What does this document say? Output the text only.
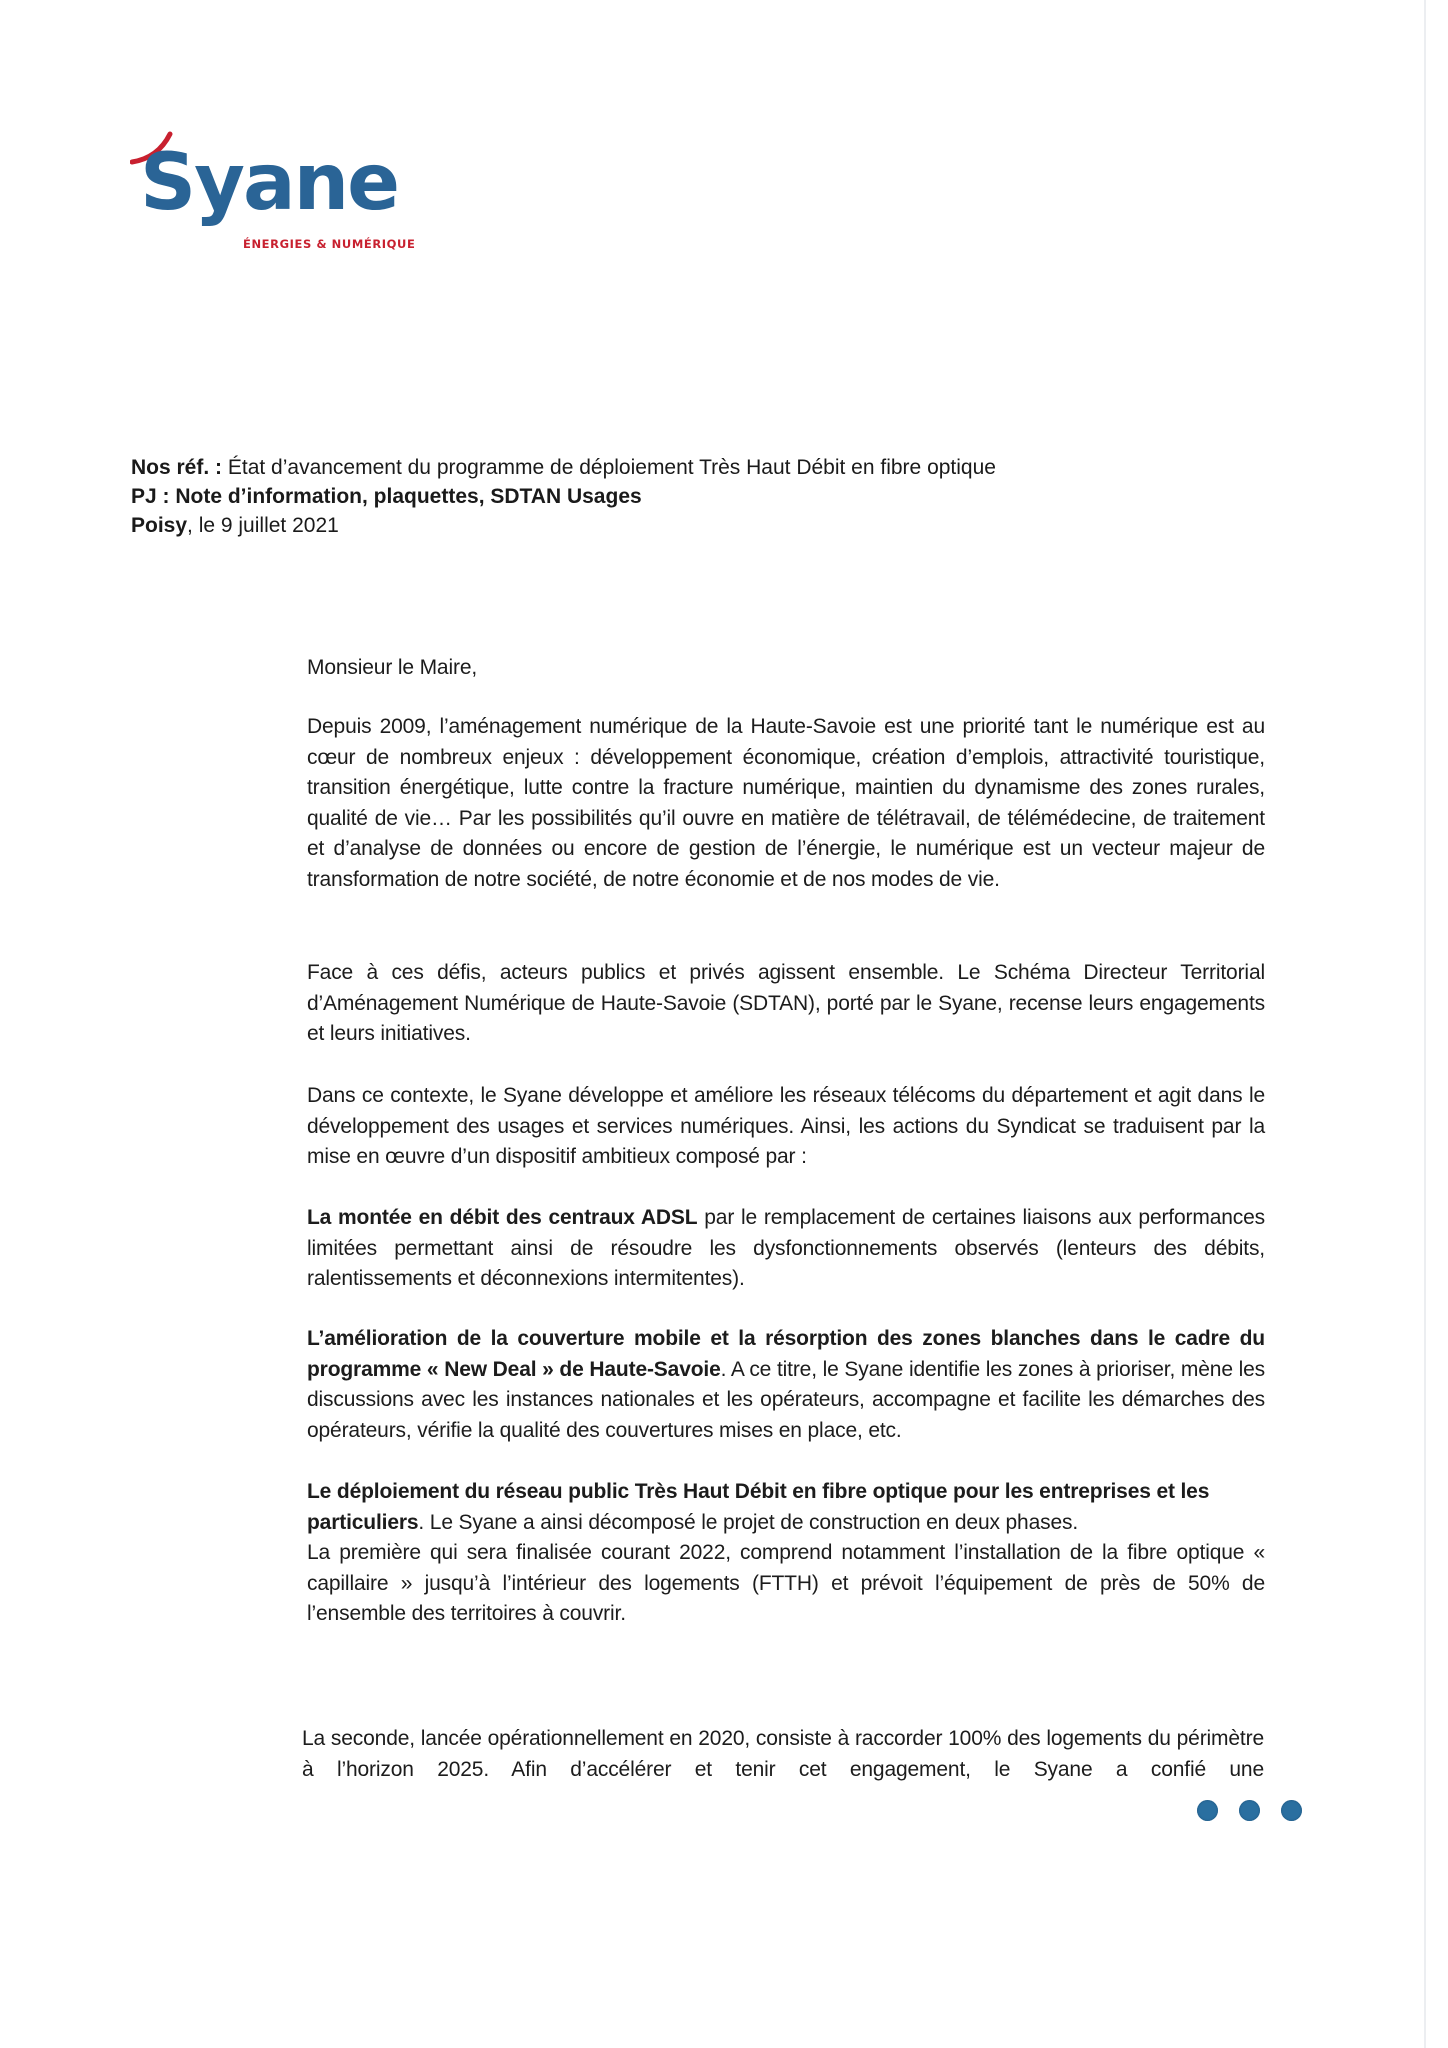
Syane
ÉNERGIES & NUMÉRIQUE
Nos réf. : État d’avancement du programme de déploiement Très Haut Débit en fibre optique
PJ : Note d’information, plaquettes, SDTAN Usages
Poisy, le 9 juillet 2021

Monsieur le Maire,

Depuis 2009, l’aménagement numérique de la Haute-Savoie est une priorité tant le numérique est au cœur de nombreux enjeux : développement économique, création d’emplois, attractivité touristique, transition énergétique, lutte contre la fracture numérique, maintien du dynamisme des zones rurales, qualité de vie… Par les possibilités qu’il ouvre en matière de télétravail, de télémédecine, de traitement et d’analyse de données ou encore de gestion de l’énergie, le numérique est un vecteur majeur de transformation de notre société, de notre économie et de nos modes de vie.

Face à ces défis, acteurs publics et privés agissent ensemble. Le Schéma Directeur Territorial d’Aménagement Numérique de Haute-Savoie (SDTAN), porté par le Syane, recense leurs engagements et leurs initiatives.

Dans ce contexte, le Syane développe et améliore les réseaux télécoms du département et agit dans le développement des usages et services numériques. Ainsi, les actions du Syndicat se traduisent par la mise en œuvre d’un dispositif ambitieux composé par :

La montée en débit des centraux ADSL par le remplacement de certaines liaisons aux performances limitées permettant ainsi de résoudre les dysfonctionnements observés (lenteurs des débits, ralentissements et déconnexions intermitentes).

L’amélioration de la couverture mobile et la résorption des zones blanches dans le cadre du programme « New Deal » de Haute-Savoie. A ce titre, le Syane identifie les zones à prioriser, mène les discussions avec les instances nationales et les opérateurs, accompagne et facilite les démarches des opérateurs, vérifie la qualité des couvertures mises en place, etc.

Le déploiement du réseau public Très Haut Débit en fibre optique pour les entreprises et les particuliers. Le Syane a ainsi décomposé le projet de construction en deux phases.

La première qui sera finalisée courant 2022, comprend notamment l’installation de la fibre optique « capillaire » jusqu’à l’intérieur des logements (FTTH) et prévoit l’équipement de près de 50% de l’ensemble des territoires à couvrir.

La seconde, lancée opérationnellement en 2020, consiste à raccorder 100% des logements du périmètre à l’horizon 2025. Afin d’accélérer et tenir cet engagement, le Syane a confié une
